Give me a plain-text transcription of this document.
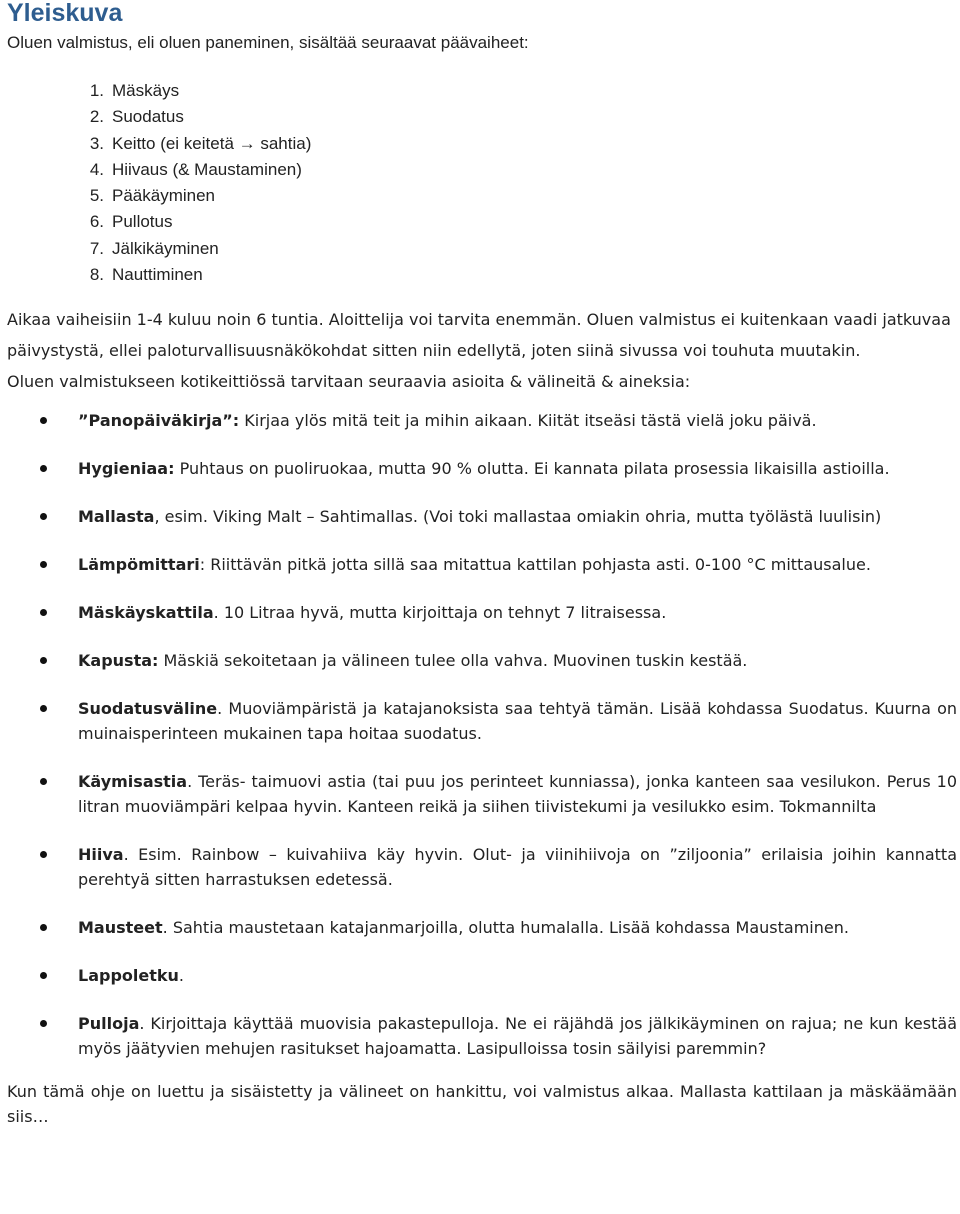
Yleiskuva

Oluen valmistus, eli oluen paneminen, sisältää seuraavat päävaiheet:

1. Mäskäys
2. Suodatus
3. Keitto (ei keitetä → sahtia)
4. Hiivaus (& Maustaminen)
5. Pääkäyminen
6. Pullotus
7. Jälkikäyminen
8. Nauttiminen

Aikaa vaiheisiin 1-4 kuluu noin 6 tuntia. Aloittelija voi tarvita enemmän. Oluen valmistus ei kuitenkaan vaadi jatkuvaa päivystystä, ellei paloturvallisuusnäkökohdat sitten niin edellytä, joten siinä sivussa voi touhuta muutakin.

Oluen valmistukseen kotikeittiössä tarvitaan seuraavia asioita & välineitä & aineksia:

”Panopäiväkirja”: Kirjaa ylös mitä teit ja mihin aikaan. Kiität itseäsi tästä vielä joku päivä.
Hygieniaa: Puhtaus on puoliruokaa, mutta 90 % olutta. Ei kannata pilata prosessia likaisilla astioilla.
Mallasta, esim. Viking Malt – Sahtimallas. (Voi toki mallastaa omiakin ohria, mutta työlästä luulisin)
Lämpömittari: Riittävän pitkä jotta sillä saa mitattua kattilan pohjasta asti. 0-100 °C mittausalue.
Mäskäyskattila. 10 Litraa hyvä, mutta kirjoittaja on tehnyt 7 litraisessa.
Kapusta: Mäskiä sekoitetaan ja välineen tulee olla vahva. Muovinen tuskin kestää.
Suodatusväline. Muoviämpäristä ja katajanoksista saa tehtyä tämän. Lisää kohdassa Suodatus. Kuurna on muinaisperinteen mukainen tapa hoitaa suodatus.
Käymisastia. Teräs- taimuovi astia (tai puu jos perinteet kunniassa), jonka kanteen saa vesilukon. Perus 10 litran muoviämpäri kelpaa hyvin. Kanteen reikä ja siihen tiivistekumi ja vesilukko esim. Tokmannilta
Hiiva. Esim. Rainbow – kuivahiiva käy hyvin. Olut- ja viinihiivoja on ”ziljoonia” erilaisia joihin kannatta perehtyä sitten harrastuksen edetessä.
Mausteet. Sahtia maustetaan katajanmarjoilla, olutta humalalla. Lisää kohdassa Maustaminen.
Lappoletku.
Pulloja. Kirjoittaja käyttää muovisia pakastepulloja. Ne ei räjähdä jos jälkikäyminen on rajua; ne kun kestää myös jäätyvien mehujen rasitukset hajoamatta. Lasipulloissa tosin säilyisi paremmin?

Kun tämä ohje on luettu ja sisäistetty ja välineet on hankittu, voi valmistus alkaa. Mallasta kattilaan ja mäskäämään siis…
